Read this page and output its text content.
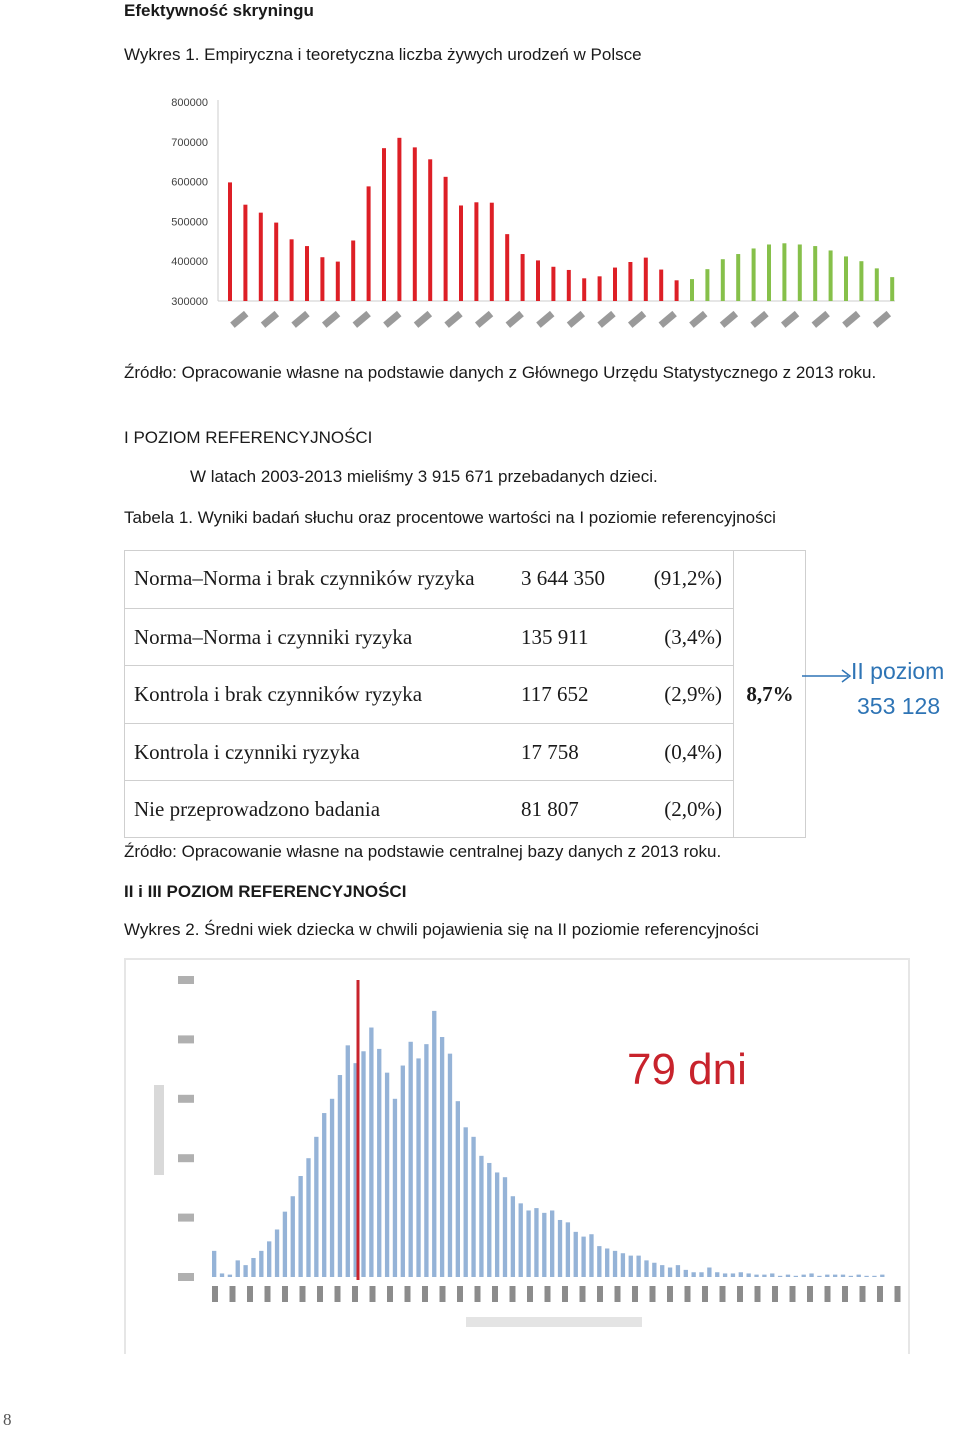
Efektywność skryningu
Wykres 1. Empiryczna i teoretyczna liczba żywych urodzeń w Polsce
300000
400000
500000
600000
700000
800000
Źródło: Opracowanie własne na podstawie danych z Głównego Urzędu Statystycznego z 2013 roku.
I POZIOM REFERENCYJNOŚCI
W latach 2003-2013 mieliśmy 3 915 671 przebadanych dzieci.
Tabela 1. Wyniki badań słuchu oraz procentowe wartości na I poziomie referencyjności
Norma–Norma i brak czynników ryzyka 3 644 350 (91,2%)
Norma–Norma i czynniki ryzyka	135 911	(3,4%)
Kontrola i brak czynników ryzyka	117 652	(2,9%)
Kontrola i czynniki ryzyka	17 758	(0,4%)
Nie przeprowadzono badania	81 807	(2,0%)
8,7%
II poziom
353 128
Źródło: Opracowanie własne na podstawie centralnej bazy danych z 2013 roku.
II i III POZIOM REFERENCYJNOŚCI
Wykres 2. Średni wiek dziecka w chwili pojawienia się na II poziomie referencyjności
79 dni
8
